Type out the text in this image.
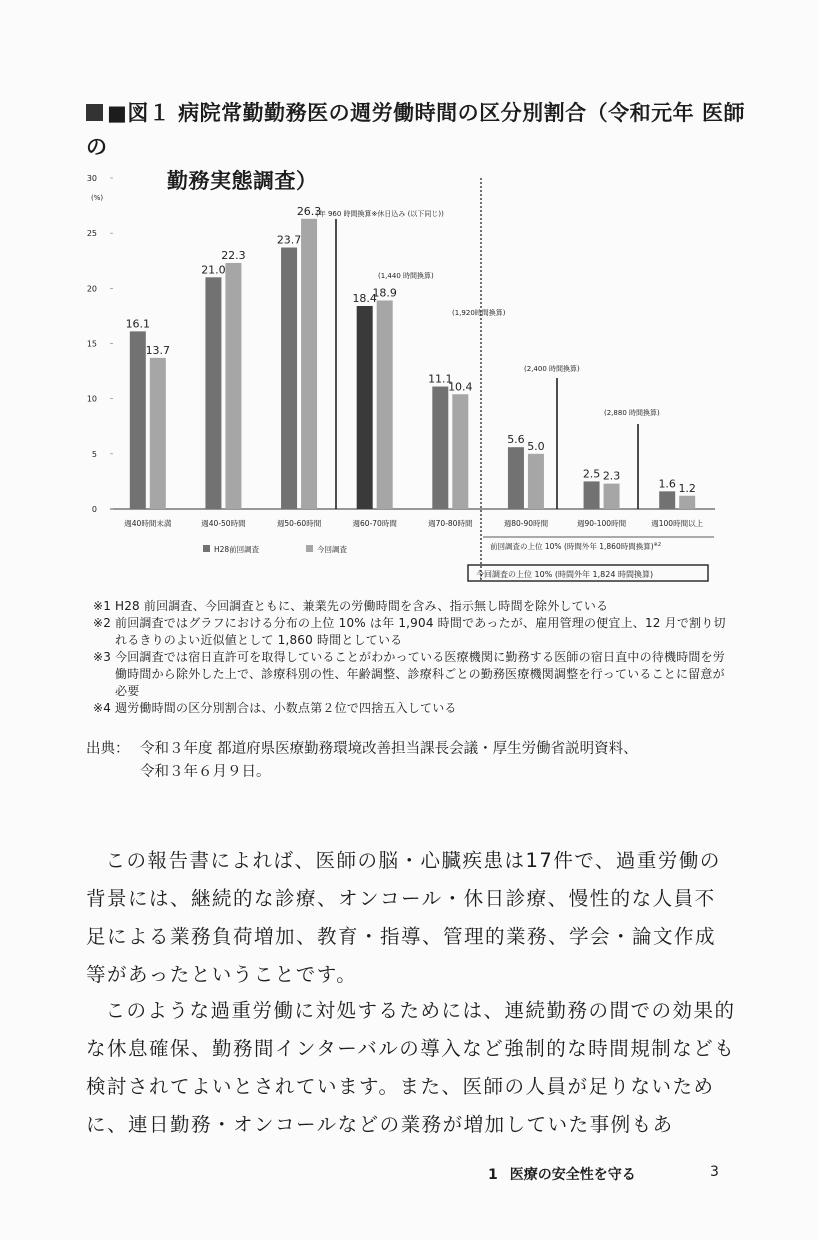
■図１ 病院常勤勤務医の週労働時間の区分別割合（令和元年 医師の
勤務実態調査）
0
5
10
15
20
25
30
(%)
16.1
13.7
21.0
22.3
23.7
26.3
18.4
18.9
11.1
10.4
5.6
5.0
2.5 2.3
1.6 1.2
週40時間未満	週40-50時間	週50-60時間	週60-70時間	週70-80時間	週80-90時間	週90-100時間	週100時間以上
(年 960 時間換算※休日込み (以下同じ))
(1,440 時間換算)
(1,920時間換算)
(2,400 時間換算)
(2,880 時間換算)
H28前回調査	今回調査	前回調査の上位 10% (時間外年 1,860時間換算)$^{※2}$
今回調査の上位 10% (時間外年 1,824 時間換算)
※1 H28 前回調査、今回調査ともに、兼業先の労働時間を含み、指示無し時間を除外している
※2 前回調査ではグラフにおける分布の上位 10% は年 1,904 時間であったが、雇用管理の便宜上、12 月で割り切れるきりのよい近似値として 1,860 時間としている
※3 今回調査では宿日直許可を取得していることがわかっている医療機関に勤務する医師の宿日直中の待機時間を労働時間から除外した上で、診療科別の性、年齢調整、診療科ごとの勤務医療機関調整を行っていることに留意が必要
※4 週労働時間の区分別割合は、小数点第２位で四捨五入している
出典： 令和３年度 都道府県医療勤務環境改善担当課長会議・厚生労働省説明資料、
令和３年６月９日。

この報告書によれば、医師の脳・心臓疾患は17件で、過重労働の背景には、継続的な診療、オンコール・休日診療、慢性的な人員不足による業務負荷増加、教育・指導、管理的業務、学会・論文作成等があったということです。

このような過重労働に対処するためには、連続勤務の間での効果的な休息確保、勤務間インターバルの導入など強制的な時間規制なども検討されてよいとされています。また、医師の人員が足りないために、連日勤務・オンコールなどの業務が増加していた事例もあ

1 医療の安全性を守る	3
